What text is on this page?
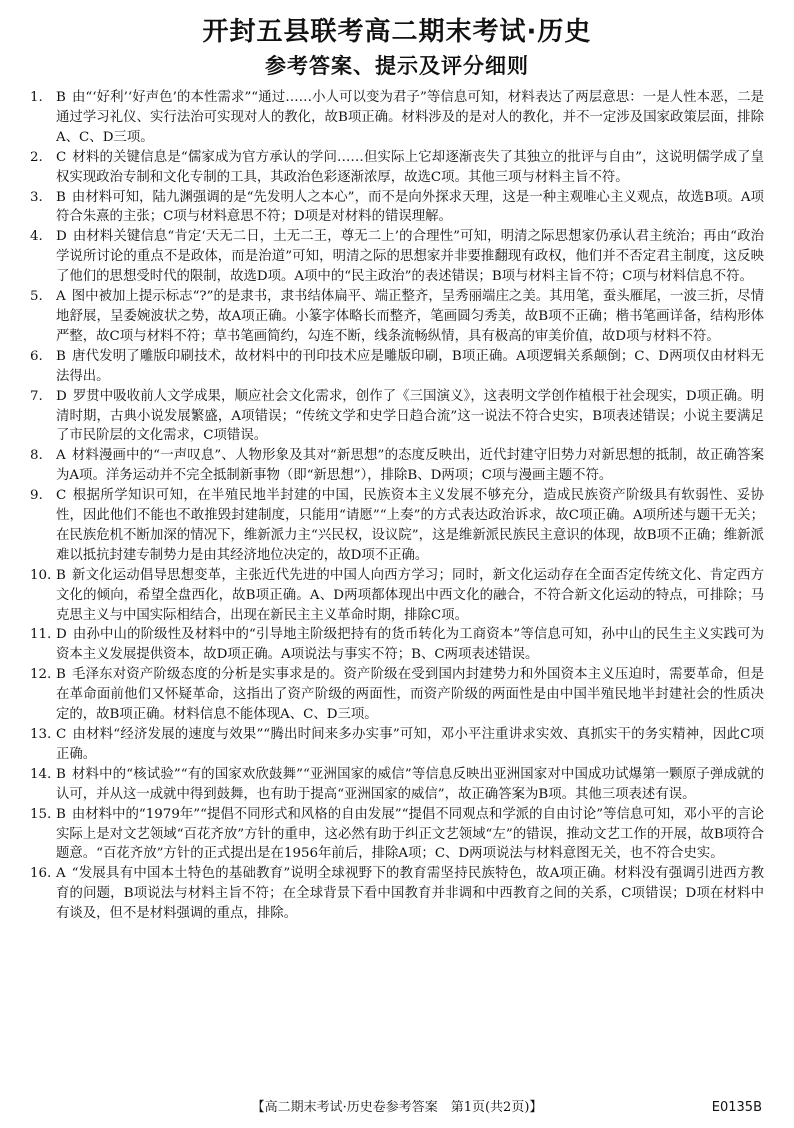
开封五县联考高二期末考试·历史
参考答案、提示及评分细则

1. B 由“‘好利’‘好声色’的本性需求”“通过……小人可以变为君子”等信息可知，材料表达了两层意思：一是人性本恶，二是通过学习礼仪、实行法治可实现对人的教化，故B项正确。材料涉及的是对人的教化，并不一定涉及国家政策层面，排除A、C、D三项。

2. C 材料的关键信息是“儒家成为官方承认的学问……但实际上它却逐渐丧失了其独立的批评与自由”，这说明儒学成了皇权实现政治专制和文化专制的工具，其政治色彩逐渐浓厚，故选C项。其他三项与材料主旨不符。

3. B 由材料可知，陆九渊强调的是“先发明人之本心”，而不是向外探求天理，这是一种主观唯心主义观点，故选B项。A项符合朱熹的主张；C项与材料意思不符；D项是对材料的错误理解。

4. D 由材料关键信息“肯定‘天无二日，土无二王，尊无二上’的合理性”可知，明清之际思想家仍承认君主统治；再由“政治学说所讨论的重点不是政体，而是治道”可知，明清之际的思想家并非要推翻现有政权，他们并不否定君主制度，这反映了他们的思想受时代的限制，故选D项。A项中的“民主政治”的表述错误；B项与材料主旨不符；C项与材料信息不符。

5. A 图中被加上提示标志“?”的是隶书，隶书结体扁平、端正整齐，呈秀丽端庄之美。其用笔，蚕头雁尾，一波三折，尽情地舒展，呈委婉波状之势，故A项正确。小篆字体略长而整齐，笔画圆匀秀美，故B项不正确；楷书笔画详备，结构形体严整，故C项与材料不符；草书笔画简约，勾连不断，线条流畅纵情，具有极高的审美价值，故D项与材料不符。

6. B 唐代发明了雕版印刷技术，故材料中的刊印技术应是雕版印刷，B项正确。A项逻辑关系颠倒；C、D两项仅由材料无法得出。

7. D 罗贯中吸收前人文学成果，顺应社会文化需求，创作了《三国演义》，这表明文学创作植根于社会现实，D项正确。明清时期，古典小说发展繁盛，A项错误；“传统文学和史学日趋合流”这一说法不符合史实，B项表述错误；小说主要满足了市民阶层的文化需求，C项错误。

8. A 材料漫画中的“一声叹息”、人物形象及其对“新思想”的态度反映出，近代封建守旧势力对新思想的抵制，故正确答案为A项。洋务运动并不完全抵制新事物（即“新思想”），排除B、D两项；C项与漫画主题不符。

9. C 根据所学知识可知，在半殖民地半封建的中国，民族资本主义发展不够充分，造成民族资产阶级具有软弱性、妥协性，因此他们不能也不敢推毁封建制度，只能用“请愿”“上奏”的方式表达政治诉求，故C项正确。A项所述与题干无关；在民族危机不断加深的情况下，维新派力主“兴民权，设议院”，这是维新派民族民主意识的体现，故B项不正确；维新派难以抵抗封建专制势力是由其经济地位决定的，故D项不正确。

10. B 新文化运动倡导思想变革，主张近代先进的中国人向西方学习；同时，新文化运动存在全面否定传统文化、肯定西方文化的倾向，希望全盘西化，故B项正确。A、D两项都体现出中西文化的融合，不符合新文化运动的特点，可排除；马克思主义与中国实际相结合，出现在新民主主义革命时期，排除C项。

11. D 由孙中山的阶级性及材料中的“引导地主阶级把持有的货币转化为工商资本”等信息可知，孙中山的民生主义实践可为资本主义发展提供资本，故D项正确。A项说法与事实不符；B、C两项表述错误。

12. B 毛泽东对资产阶级态度的分析是实事求是的。资产阶级在受到国内封建势力和外国资本主义压迫时，需要革命，但是在革命面前他们又怀疑革命，这指出了资产阶级的两面性，而资产阶级的两面性是由中国半殖民地半封建社会的性质决定的，故B项正确。材料信息不能体现A、C、D三项。

13. C 由材料“经济发展的速度与效果”“腾出时间来多办实事”可知，邓小平注重讲求实效、真抓实干的务实精神，因此C项正确。

14. B 材料中的“核试验”“有的国家欢欣鼓舞”“亚洲国家的威信”等信息反映出亚洲国家对中国成功试爆第一颗原子弹成就的认可，并从这一成就中得到鼓舞，也有助于提高“亚洲国家的威信”，故正确答案为B项。其他三项表述有误。

15. B 由材料中的“1979年”“提倡不同形式和风格的自由发展”“提倡不同观点和学派的自由讨论”等信息可知，邓小平的言论实际上是对文艺领域“百花齐放”方针的重申，这必然有助于纠正文艺领域“左”的错误，推动文艺工作的开展，故B项符合题意。“百花齐放”方针的正式提出是在1956年前后，排除A项；C、D两项说法与材料意图无关，也不符合史实。

16. A “发展具有中国本土特色的基础教育”说明全球视野下的教育需坚持民族特色，故A项正确。材料没有强调引进西方教育的问题，B项说法与材料主旨不符；在全球背景下看中国教育并非调和中西教育之间的关系，C项错误；D项在材料中有谈及，但不是材料强调的重点，排除。

【高二期末考试·历史卷参考答案　第1页(共2页)】	E0135B
